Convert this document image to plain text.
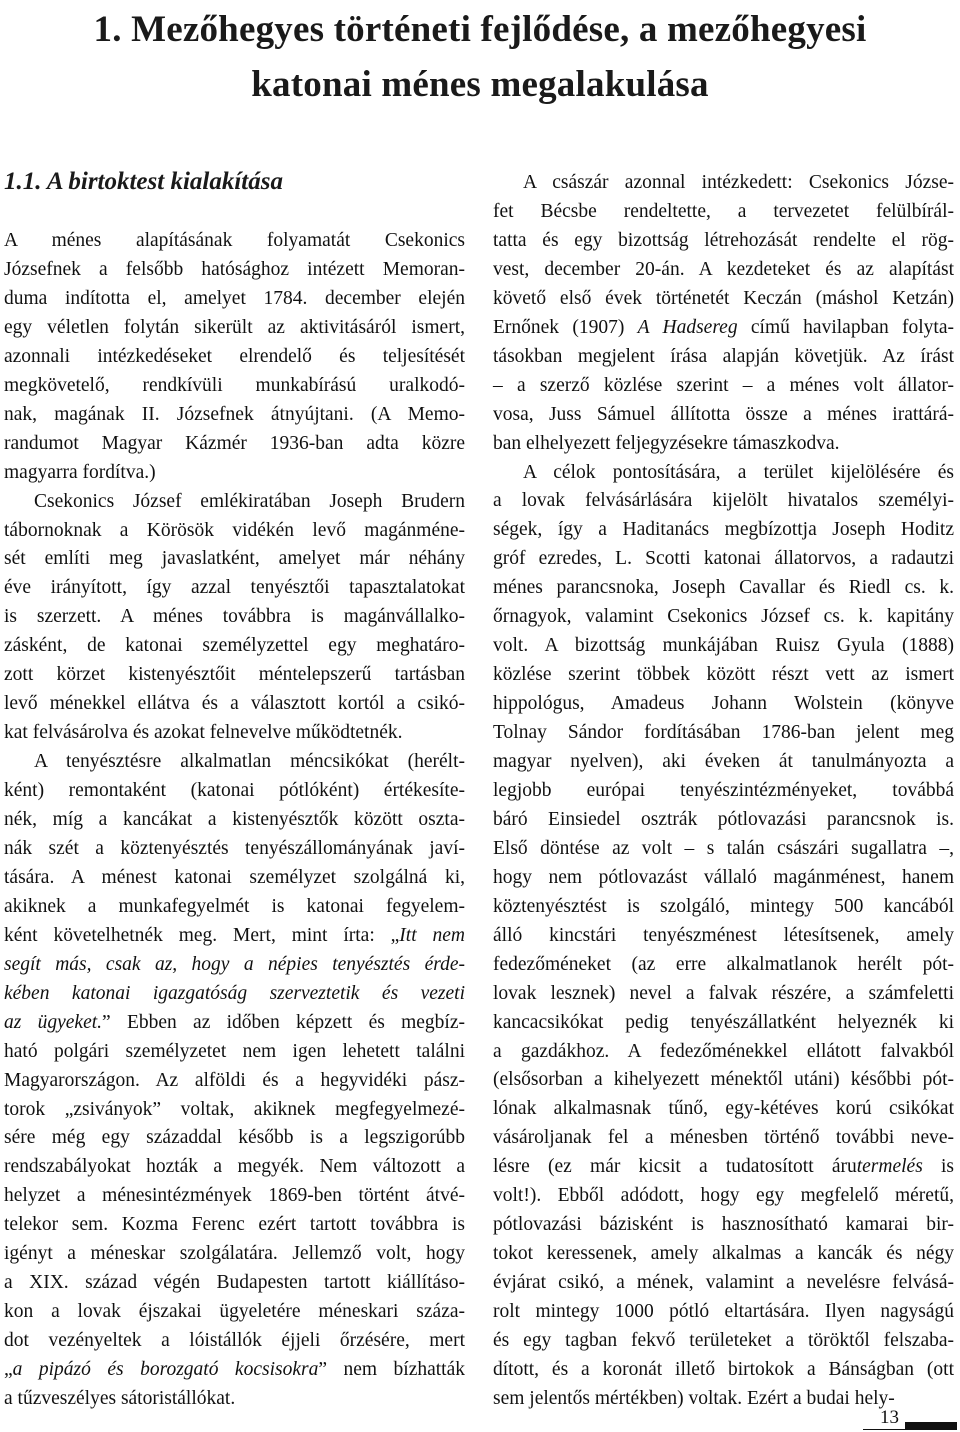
1. Mezőhegyes történeti fejlődése, a mezőhegyesi
katonai ménes megalakulása
1.1. A birtoktest kialakítása
A ménes alapításának folyamatát Csekonics
Józsefnek a felsőbb hatósághoz intézett Memoran-
duma indította el, amelyet 1784. december elején
egy véletlen folytán sikerült az aktivitásáról ismert,
azonnali intézkedéseket elrendelő és teljesítését
megkövetelő, rendkívüli munkabírású uralkodó-
nak, magának II. Józsefnek átnyújtani. (A Memo-
randumot Magyar Kázmér 1936-ban adta közre
magyarra fordítva.)
Csekonics József emlékiratában Joseph Brudern
tábornoknak a Körösök vidékén levő magánméne-
sét említi meg javaslatként, amelyet már néhány
éve irányított, így azzal tenyésztői tapasztalatokat
is szerzett. A ménes továbbra is magánvállalko-
zásként, de katonai személyzettel egy meghatáro-
zott körzet kistenyésztőit méntelepszerű tartásban
levő ménekkel ellátva és a választott kortól a csikó-
kat felvásárolva és azokat felnevelve működtetnék.
A tenyésztésre alkalmatlan méncsikókat (herélt-
ként) remontaként (katonai pótlóként) értékesíte-
nék, míg a kancákat a kistenyésztők között oszta-
nák szét a köztenyésztés tenyészállományának javí-
tására. A ménest katonai személyzet szolgálná ki,
akiknek a munkafegyelmét is katonai fegyelem-
ként követelhetnék meg. Mert, mint írta: „Itt nem
segít más, csak az, hogy a népies tenyésztés érde-
kében katonai igazgatóság szerveztetik és vezeti
az ügyeket.” Ebben az időben képzett és megbíz-
ható polgári személyzetet nem igen lehetett találni
Magyarországon. Az alföldi és a hegyvidéki pász-
torok „zsiványok” voltak, akiknek megfegyelmezé-
sére még egy századdal később is a legszigorúbb
rendszabályokat hozták a megyék. Nem változott a
helyzet a ménesintézmények 1869-ben történt átvé-
telekor sem. Kozma Ferenc ezért tartott továbbra is
igényt a méneskar szolgálatára. Jellemző volt, hogy
a XIX. század végén Budapesten tartott kiállításo-
kon a lovak éjszakai ügyeletére méneskari száza-
dot vezényeltek a lóistállók éjjeli őrzésére, mert
„a pipázó és borozgató kocsisokra” nem bízhatták
a tűzveszélyes sátoristállókat.
A császár azonnal intézkedett: Csekonics Józse-
fet Bécsbe rendeltette, a tervezetet felülbírál-
tatta és egy bizottság létrehozását rendelte el rög-
vest, december 20-án. A kezdeteket és az alapítást
követő első évek történetét Keczán (máshol Ketzán)
Ernőnek (1907) A Hadsereg című havilapban folyta-
tásokban megjelent írása alapján követjük. Az írást
– a szerző közlése szerint – a ménes volt állator-
vosa, Juss Sámuel állította össze a ménes irattárá-
ban elhelyezett feljegyzésekre támaszkodva.
A célok pontosítására, a terület kijelölésére és
a lovak felvásárlására kijelölt hivatalos személyi-
ségek, így a Haditanács megbízottja Joseph Hoditz
gróf ezredes, L. Scotti katonai állatorvos, a radautzi
ménes parancsnoka, Joseph Cavallar és Riedl cs. k.
őrnagyok, valamint Csekonics József cs. k. kapitány
volt. A bizottság munkájában Ruisz Gyula (1888)
közlése szerint többek között részt vett az ismert
hippológus, Amadeus Johann Wolstein (könyve
Tolnay Sándor fordításában 1786-ban jelent meg
magyar nyelven), aki éveken át tanulmányozta a
legjobb európai tenyészintézményeket, továbbá
báró Einsiedel osztrák pótlovazási parancsnok is.
Első döntése az volt – s talán császári sugallatra –,
hogy nem pótlovazást vállaló magánménest, hanem
köztenyésztést is szolgáló, mintegy 500 kancából
álló kincstári tenyészménest létesítsenek, amely
fedezőméneket (az erre alkalmatlanok herélt pót-
lovak lesznek) nevel a falvak részére, a számfeletti
kancacsikókat pedig tenyészállatként helyeznék ki
a gazdákhoz. A fedezőménekkel ellátott falvakból
(elsősorban a kihelyezett ménektől utáni) későbbi pót-
lónak alkalmasnak tűnő, egy-kétéves korú csikókat
vásároljanak fel a ménesben történő további neve-
lésre (ez már kicsit a tudatosított árutermelés is
volt!). Ebből adódott, hogy egy megfelelő méretű,
pótlovazási bázisként is hasznosítható kamarai bir-
tokot keressenek, amely alkalmas a kancák és négy
évjárat csikó, a mének, valamint a nevelésre felvásá-
rolt mintegy 1000 pótló eltartására. Ilyen nagyságú
és egy tagban fekvő területeket a töröktől felszaba-
dított, és a koronát illető birtokok a Bánságban (ott
sem jelentős mértékben) voltak. Ezért a budai hely-
13
